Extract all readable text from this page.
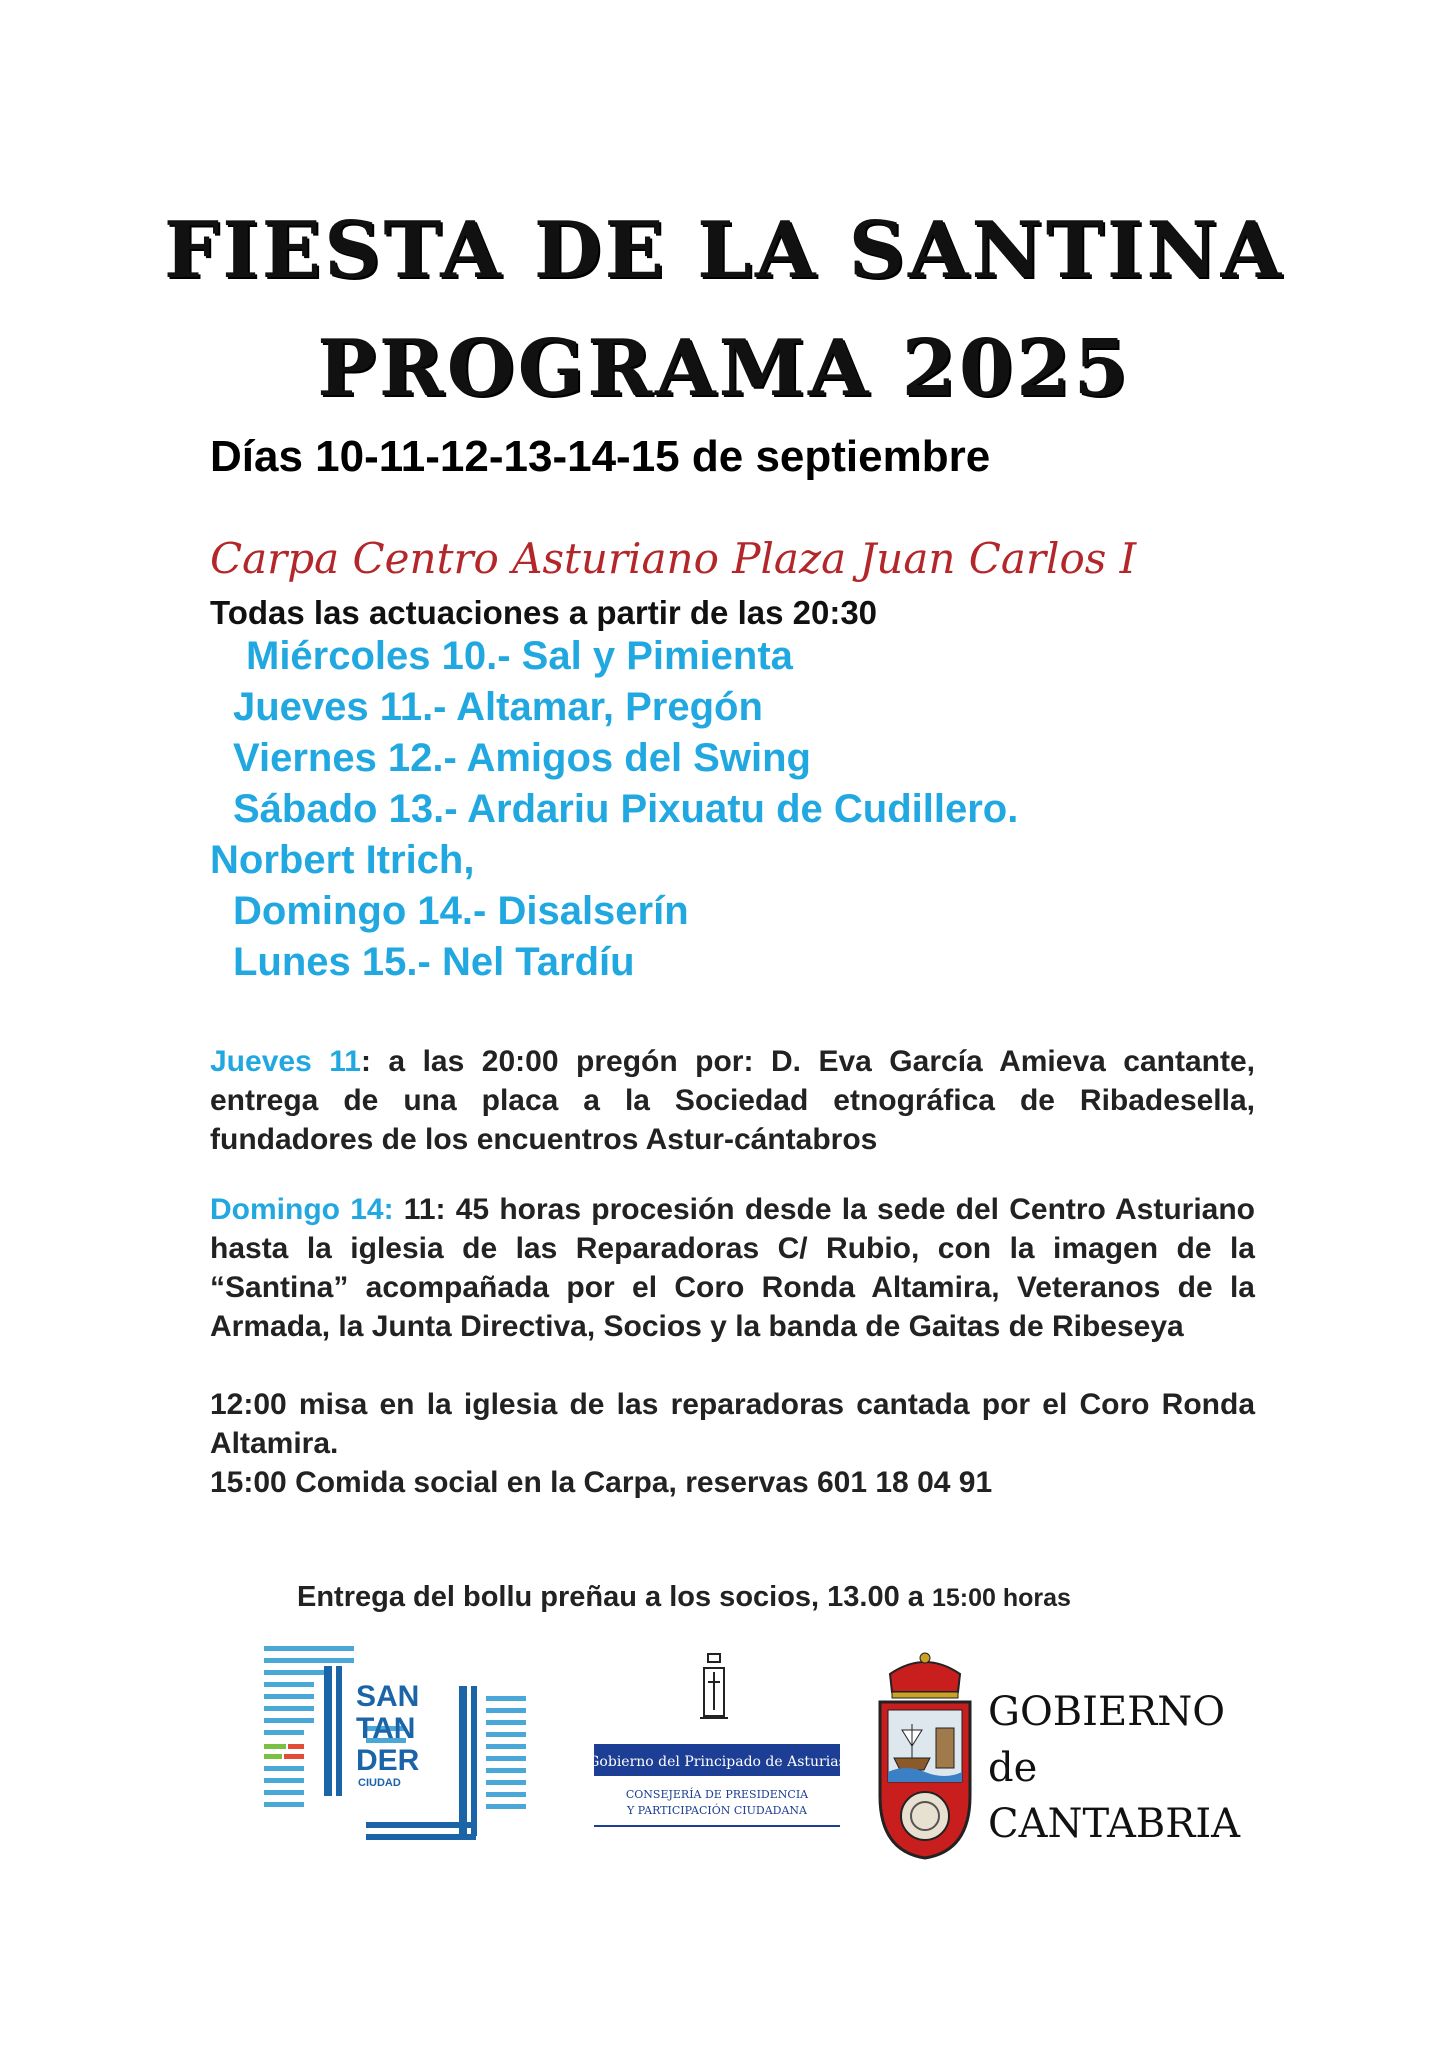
FIESTA DE LA SANTINA
PROGRAMA 2025
Días 10-11-12-13-14-15 de septiembre
Carpa Centro Asturiano Plaza Juan Carlos I
Todas las actuaciones a partir de las 20:30
Miércoles 10.- Sal y Pimienta
Jueves 11.- Altamar, Pregón
Viernes 12.- Amigos del Swing
Sábado 13.- Ardariu Pixuatu de Cudillero.
Norbert Itrich,
Domingo 14.- Disalserín
Lunes 15.- Nel Tardíu
Jueves 11: a las 20:00 pregón por: D. Eva García Amieva cantante, entrega de una placa a la Sociedad etnográfica de Ribadesella, fundadores de los encuentros Astur-cántabros
Domingo 14: 11: 45 horas procesión desde la sede del Centro Asturiano hasta la iglesia de las Reparadoras C/ Rubio, con la imagen de la “Santina” acompañada por el Coro Ronda Altamira, Veteranos de la Armada, la Junta Directiva, Socios y la banda de Gaitas de Ribeseya
12:00 misa en la iglesia de las reparadoras cantada por el Coro Ronda Altamira.
15:00 Comida social en la Carpa, reservas 601 18 04 91
Entrega del bollu preñau a los socios, 13.00 a 15:00 horas
SAN
TAN
DER
CIUDAD
Gobierno del Principado de Asturias
CONSEJERÍA DE PRESIDENCIA
Y PARTICIPACIÓN CIUDADANA
GOBIERNO
de
CANTABRIA
